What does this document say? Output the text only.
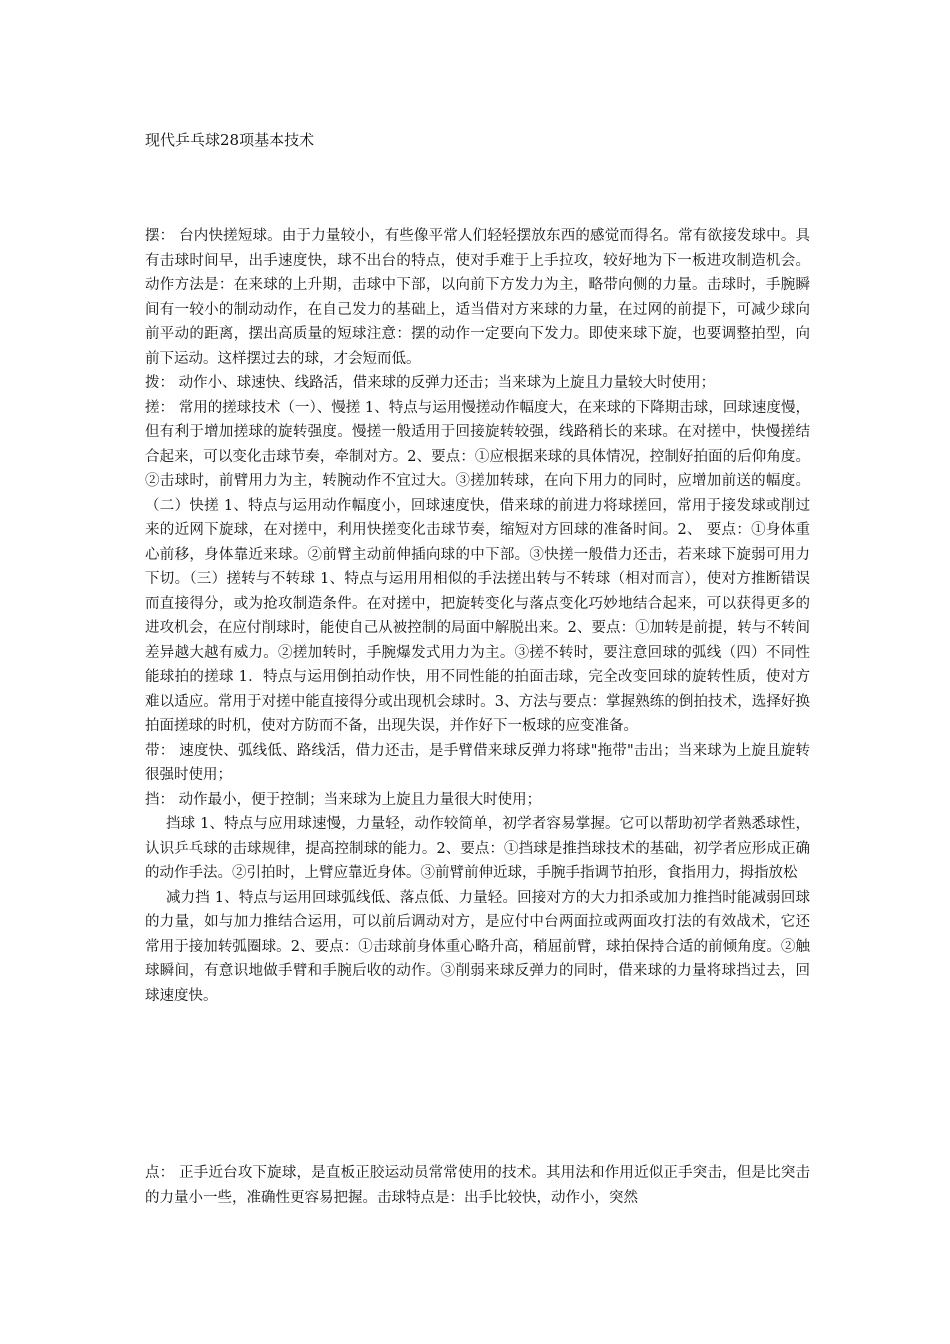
现代乒乓球28项基本技术

摆： 台内快搓短球。由于力量较小，有些像平常人们轻轻摆放东西的感觉而得名。常有欲接发球中。具有击球时间早，出手速度快，球不出台的特点，使对手难于上手拉攻，较好地为下一板进攻制造机会。动作方法是：在来球的上升期，击球中下部，以向前下方发力为主，略带向侧的力量。击球时，手腕瞬间有一较小的制动动作，在自己发力的基础上，适当借对方来球的力量，在过网的前提下，可减少球向前平动的距离，摆出高质量的短球注意：摆的动作一定要向下发力。即使来球下旋，也要调整拍型，向前下运动。这样摆过去的球，才会短而低。

拨： 动作小、球速快、线路活，借来球的反弹力还击；当来球为上旋且力量较大时使用；

搓： 常用的搓球技术（一）、慢搓 1、特点与运用慢搓动作幅度大，在来球的下降期击球，回球速度慢，但有利于增加搓球的旋转强度。慢搓一般适用于回接旋转较强，线路稍长的来球。在对搓中，快慢搓结合起来，可以变化击球节奏，牵制对方。2、要点：①应根据来球的具体情况，控制好拍面的后仰角度。②击球时，前臂用力为主，转腕动作不宜过大。③搓加转球，在向下用力的同时，应增加前送的幅度。（二）快搓 1、特点与运用动作幅度小，回球速度快，借来球的前进力将球搓回，常用于接发球或削过来的近网下旋球，在对搓中，利用快搓变化击球节奏，缩短对方回球的准备时间。2、 要点：①身体重心前移，身体靠近来球。②前臂主动前伸插向球的中下部。③快搓一般借力还击，若来球下旋弱可用力下切。（三）搓转与不转球 1、特点与运用用相似的手法搓出转与不转球（相对而言），使对方推断错误而直接得分，或为抢攻制造条件。在对搓中，把旋转变化与落点变化巧妙地结合起来，可以获得更多的进攻机会，在应付削球时，能使自己从被控制的局面中解脱出来。2、要点：①加转是前提，转与不转间差异越大越有威力。②搓加转时，手腕爆发式用力为主。③搓不转时，要注意回球的弧线（四）不同性能球拍的搓球 1．特点与运用倒拍动作快，用不同性能的拍面击球，完全改变回球的旋转性质，使对方难以适应。常用于对搓中能直接得分或出现机会球时。3、方法与要点：掌握熟练的倒拍技术，选择好换拍面搓球的时机，使对方防而不备，出现失误，并作好下一板球的应变准备。

带： 速度快、弧线低、路线活，借力还击，是手臂借来球反弹力将球"拖带"击出；当来球为上旋且旋转很强时使用；

挡： 动作最小，便于控制；当来球为上旋且力量很大时使用；

挡球 1、特点与应用球速慢，力量轻，动作较简单，初学者容易掌握。它可以帮助初学者熟悉球性，认识乒乓球的击球规律，提高控制球的能力。2、要点：①挡球是推挡球技术的基础，初学者应形成正确的动作手法。②引拍时，上臂应靠近身体。③前臂前伸近球，手腕手指调节拍形，食指用力，拇指放松

减力挡 1、特点与运用回球弧线低、落点低、力量轻。回接对方的大力扣杀或加力推挡时能减弱回球的力量，如与加力推结合运用，可以前后调动对方，是应付中台两面拉或两面攻打法的有效战术，它还常用于接加转弧圈球。2、要点：①击球前身体重心略升高，稍屈前臂，球拍保持合适的前倾角度。②触球瞬间，有意识地做手臂和手腕后收的动作。③削弱来球反弹力的同时，借来球的力量将球挡过去，回球速度快。

点： 正手近台攻下旋球，是直板正胶运动员常常使用的技术。其用法和作用近似正手突击，但是比突击的力量小一些，准确性更容易把握。击球特点是：出手比较快，动作小，突然
